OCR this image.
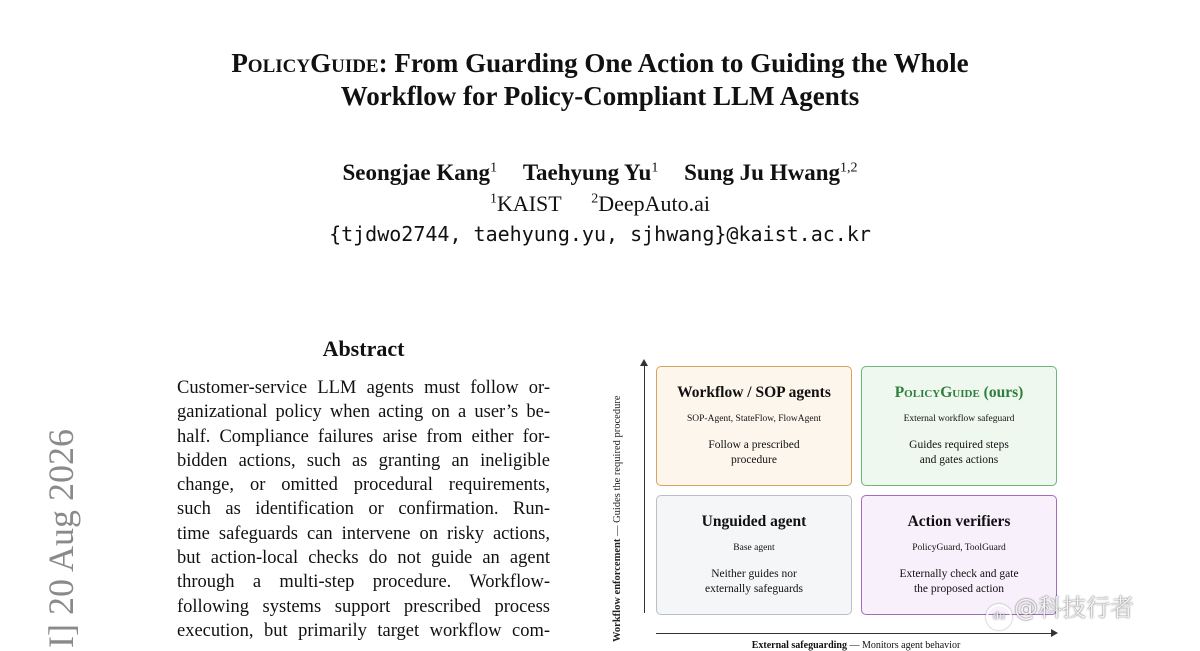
PolicyGuide: From Guarding One Action to Guiding the Whole
Workflow for Policy-Compliant LLM Agents
Seongjae Kang$^1$ Taehyung Yu$^1$ Sung Ju Hwang$^{1,2}$
$^1$KAIST $^2$DeepAuto.ai
{tjdwo2744, taehyung.yu, sjhwang}@kaist.ac.kr
I] 20 Aug 2026
Abstract
Customer-service LLM agents must follow or-
ganizational policy when acting on a user’s be-
half. Compliance failures arise from either for-
bidden actions, such as granting an ineligible
change, or omitted procedural requirements,
such as identification or confirmation. Run-
time safeguards can intervene on risky actions,
but action-local checks do not guide an agent
through a multi-step procedure. Workflow-
following systems support prescribed process
execution, but primarily target workflow com-	Workflow enforcement — Guides the required procedure
Workflow / SOP agents
SOP-Agent, StateFlow, FlowAgent
Follow a prescribed
procedure
PolicyGuide (ours)
External workflow safeguard
Guides required steps
and gates actions
Unguided agent
Base agent
Neither guides nor
externally safeguards
Action verifiers
PolicyGuard, ToolGuard
Externally check and gate
the proposed action
External safeguarding — Monitors agent behavior
du @科技行者
